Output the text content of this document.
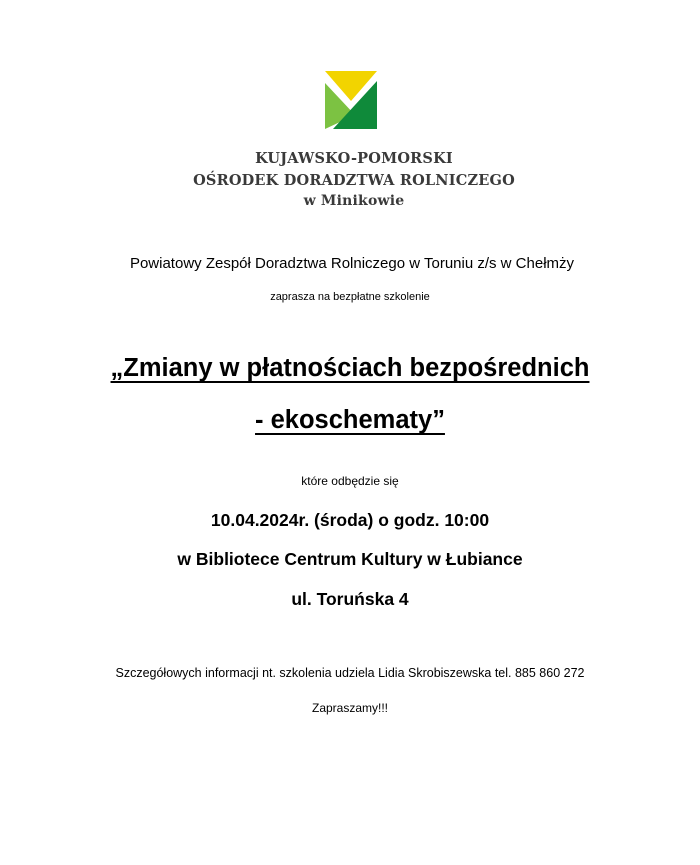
KUJAWSKO-POMORSKI
OŚRODEK DORADZTWA ROLNICZEGO
w Minikowie
Powiatowy Zespół Doradztwa Rolniczego w Toruniu z/s w Chełmży
zaprasza na bezpłatne szkolenie
„Zmiany w płatnościach bezpośrednich
- ekoschematy”
które odbędzie się
10.04.2024r. (środa) o godz. 10:00
w Bibliotece Centrum Kultury w Łubiance
ul. Toruńska 4
Szczegółowych informacji nt. szkolenia udziela Lidia Skrobiszewska tel. 885 860 272
Zapraszamy!!!
